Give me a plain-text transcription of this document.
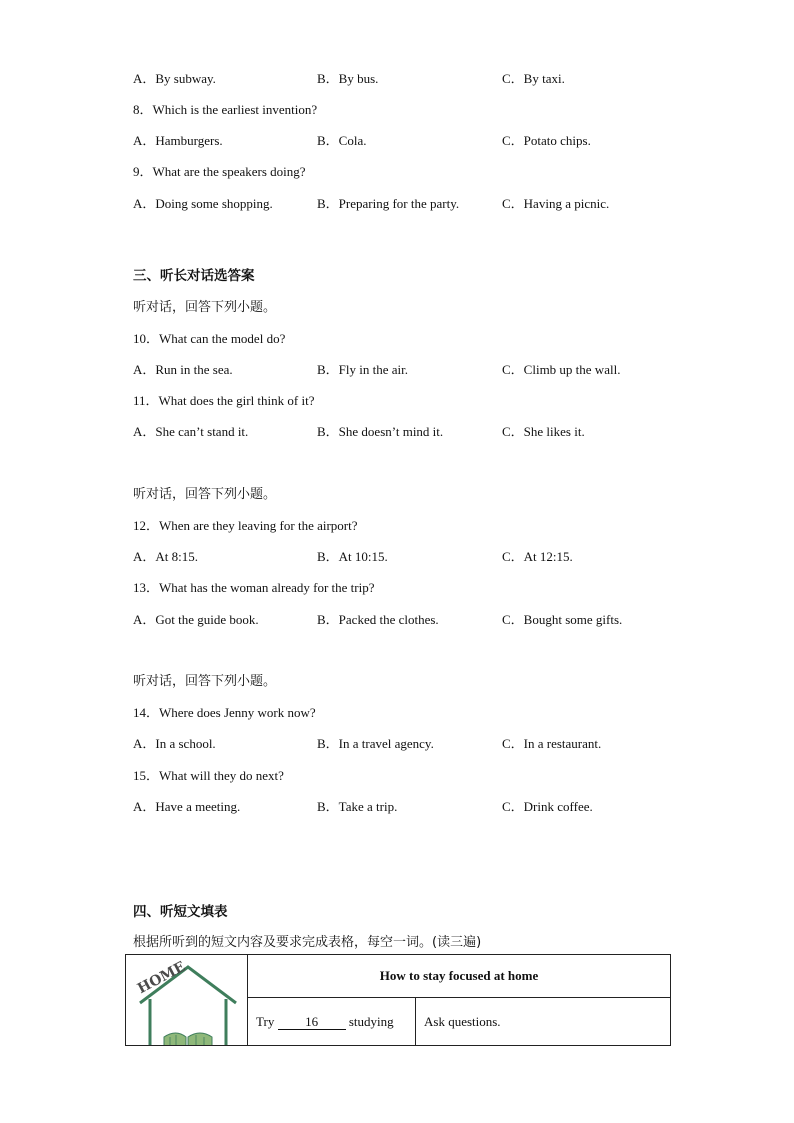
A．By subway.	B．By bus.	C．By taxi.
8．Which is the earliest invention?
A．Hamburgers.	B．Cola.	C．Potato chips.
9．What are the speakers doing?
A．Doing some shopping.	B．Preparing for the party.	C．Having a picnic.
三、听长对话选答案
听对话，回答下列小题。
10．What can the model do?
A．Run in the sea.	B．Fly in the air.	C．Climb up the wall.
11．What does the girl think of it?
A．She can’t stand it.	B．She doesn’t mind it.	C．She likes it.
听对话，回答下列小题。
12．When are they leaving for the airport?
A．At 8:15.	B．At 10:15.	C．At 12:15.
13．What has the woman already for the trip?
A．Got the guide book.	B．Packed the clothes.	C．Bought some gifts.
听对话，回答下列小题。
14．Where does Jenny work now?
A．In a school.	B．In a travel agency.	C．In a restaurant.
15．What will they do next?
A．Have a meeting.	B．Take a trip.	C．Drink coffee.
四、听短文填表
根据所听到的短文内容及要求完成表格，每空一词。(读三遍)
HOME	How to stay focused at home	
	Try 16 studying	Ask questions.
